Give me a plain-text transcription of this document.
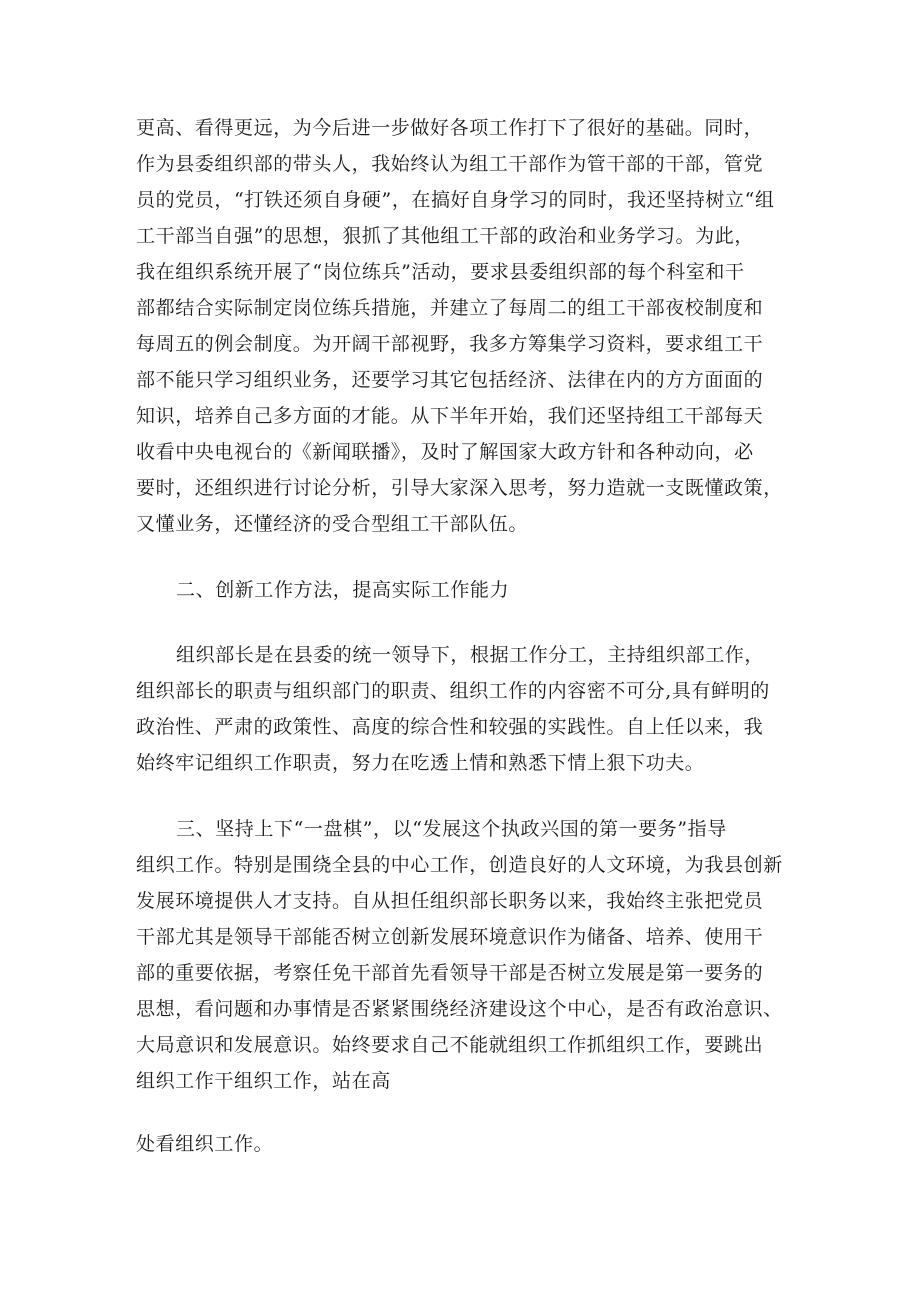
更高、看得更远，为今后进一步做好各项工作打下了很好的基础。同时，
作为县委组织部的带头人，我始终认为组工干部作为管干部的干部，管党
员的党员，“打铁还须自身硬”，在搞好自身学习的同时，我还坚持树立“组
工干部当自强”的思想，狠抓了其他组工干部的政治和业务学习。为此，
我在组织系统开展了“岗位练兵”活动，要求县委组织部的每个科室和干
部都结合实际制定岗位练兵措施，并建立了每周二的组工干部夜校制度和
每周五的例会制度。为开阔干部视野，我多方筹集学习资料，要求组工干
部不能只学习组织业务，还要学习其它包括经济、法律在内的方方面面的
知识，培养自己多方面的才能。从下半年开始，我们还坚持组工干部每天
收看中央电视台的《新闻联播》，及时了解国家大政方针和各种动向，必
要时，还组织进行讨论分析，引导大家深入思考，努力造就一支既懂政策，
又懂业务，还懂经济的受合型组工干部队伍。
二、创新工作方法，提高实际工作能力
组织部长是在县委的统一领导下，根据工作分工，主持组织部工作，
组织部长的职责与组织部门的职责、组织工作的内容密不可分,具有鲜明的
政治性、严肃的政策性、高度的综合性和较强的实践性。自上任以来，我
始终牢记组织工作职责，努力在吃透上情和熟悉下情上狠下功夫。
三、坚持上下“一盘棋”，以“发展这个执政兴国的第一要务”指导
组织工作。特别是围绕全县的中心工作，创造良好的人文环境，为我县创新
发展环境提供人才支持。自从担任组织部长职务以来，我始终主张把党员
干部尤其是领导干部能否树立创新发展环境意识作为储备、培养、使用干
部的重要依据，考察任免干部首先看领导干部是否树立发展是第一要务的
思想，看问题和办事情是否紧紧围绕经济建设这个中心，是否有政治意识、
大局意识和发展意识。始终要求自己不能就组织工作抓组织工作，要跳出
组织工作干组织工作，站在高
处看组织工作。
